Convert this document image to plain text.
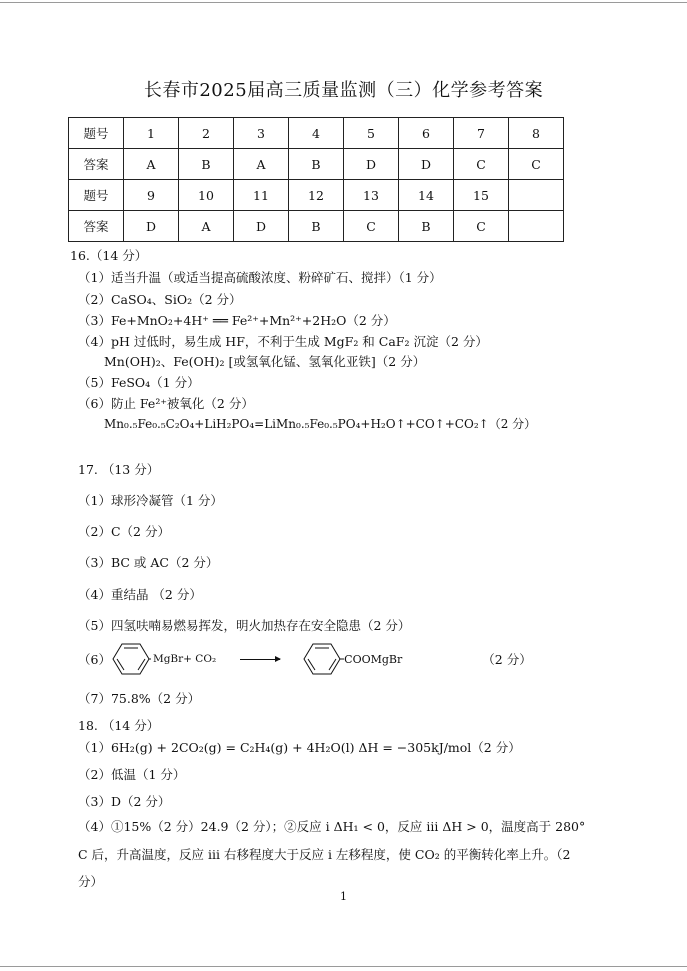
长春市2025届高三质量监测（三）化学参考答案
题号	1	2	3	4	5	6	7	8
答案	A	B	A	B	D	D	C	C
题号	9	10	11	12	13	14	15	
答案	D	A	D	B	C	B	C	
16.（14 分）
（1）适当升温（或适当提高硫酸浓度、粉碎矿石、搅拌）（1 分）
（2）CaSO₄、SiO₂（2 分）
（3）Fe+MnO₂+4H⁺ ══ Fe²⁺+Mn²⁺+2H₂O（2 分）
（4）pH 过低时，易生成 HF，不利于生成 MgF₂ 和 CaF₂ 沉淀（2 分）
Mn(OH)₂、Fe(OH)₂ [或氢氧化锰、氢氧化亚铁]（2 分）
（5）FeSO₄（1 分）
（6）防止 Fe²⁺被氧化（2 分）
Mn₀.₅Fe₀.₅C₂O₄+LiH₂PO₄=LiMn₀.₅Fe₀.₅PO₄+H₂O↑+CO↑+CO₂↑（2 分）
17. （13 分）
（1）球形冷凝管（1 分）
（2）C（2 分）
（3）BC 或 AC（2 分）
（4）重结晶 （2 分）
（5）四氢呋喃易燃易挥发，明火加热存在安全隐患（2 分）
（6）	MgBr+ CO₂	COOMgBr	（2 分）
（7）75.8%（2 分）
18. （14 分）
（1）6H₂(g) + 2CO₂(g) = C₂H₄(g) + 4H₂O(l) ΔH = −305kJ/mol（2 分）
（2）低温（1 分）
（3）D（2 分）
（4）①15%（2 分）24.9（2 分）；②反应 i ΔH₁ < 0，反应 iii ΔH > 0，温度高于 280°
C 后，升高温度，反应 iii 右移程度大于反应 i 左移程度，使 CO₂ 的平衡转化率上升。（2
分）
1
